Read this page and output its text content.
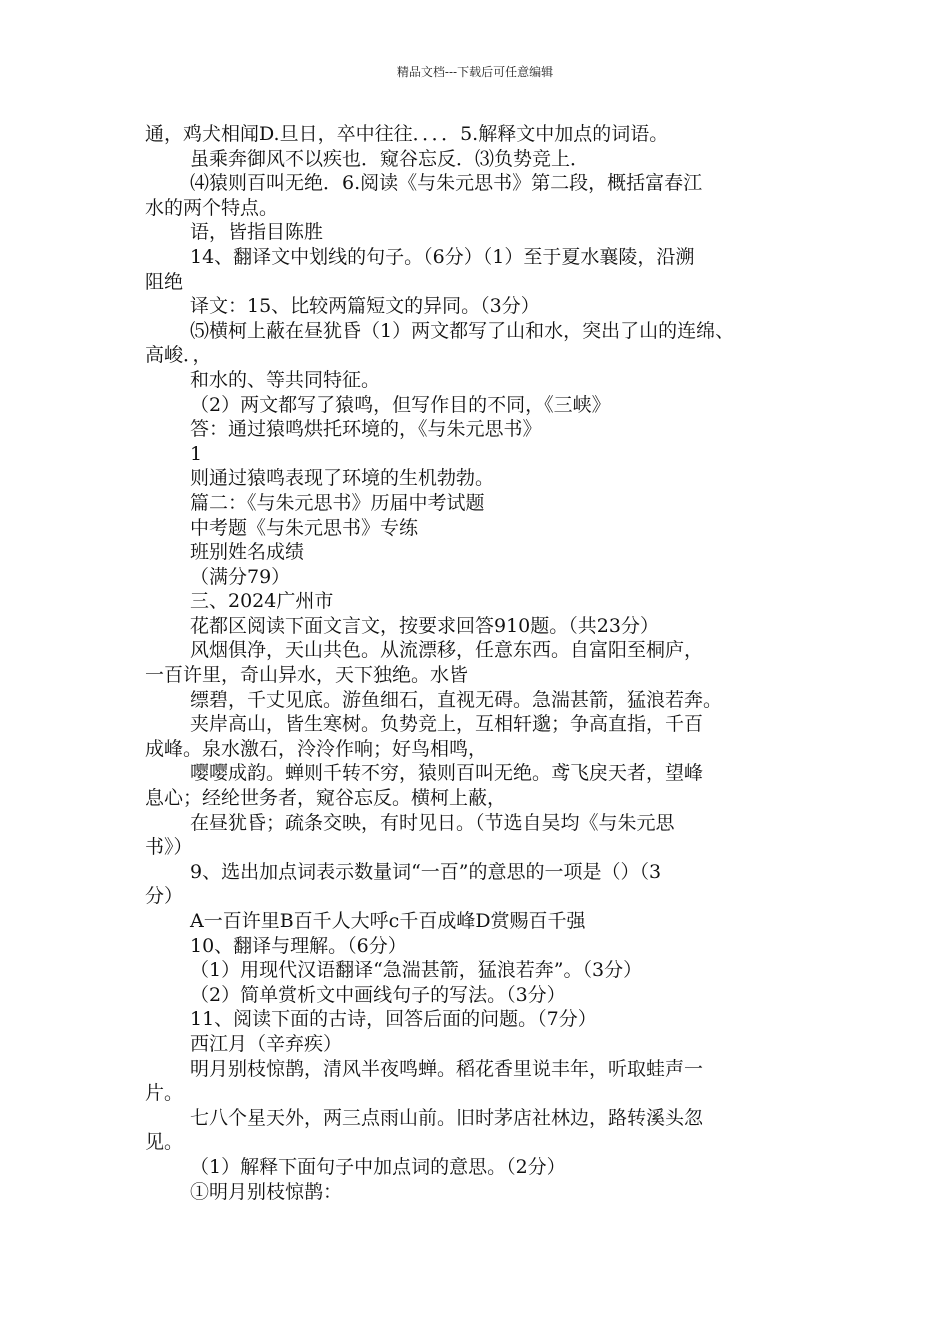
精品文档---下载后可任意编辑
通，鸡犬相闻D.旦日，卒中往往．．．．5.解释文中加点的词语。
虽乘奔御风不以疾也．窥谷忘反．⑶负势竞上．
⑷猿则百叫无绝．6.阅读《与朱元思书》第二段，概括富春江
水的两个特点。
语，皆指目陈胜
14、翻译文中划线的句子。（6分）（1）至于夏水襄陵，沿溯
阻绝
译文：15、比较两篇短文的异同。（3分）
⑸横柯上蔽在昼犹昏（1）两文都写了山和水，突出了山的连绵、
高峻．，
和水的、等共同特征。
（2）两文都写了猿鸣，但写作目的不同，《三峡》
答：通过猿鸣烘托环境的，《与朱元思书》
1
则通过猿鸣表现了环境的生机勃勃。
篇二：《与朱元思书》历届中考试题
中考题《与朱元思书》专练
班别姓名成绩
（满分79）
三、2024广州市
花都区阅读下面文言文，按要求回答910题。（共23分）
风烟俱净，天山共色。从流漂移，任意东西。自富阳至桐庐，
一百许里，奇山异水，天下独绝。水皆
缥碧，千丈见底。游鱼细石，直视无碍。急湍甚箭，猛浪若奔。
夹岸高山，皆生寒树。负势竞上，互相轩邈；争高直指，千百
成峰。泉水激石，泠泠作响；好鸟相鸣，
嘤嘤成韵。蝉则千转不穷，猿则百叫无绝。鸢飞戾天者，望峰
息心；经纶世务者，窥谷忘反。横柯上蔽，
在昼犹昏；疏条交映，有时见日。（节选自吴均《与朱元思
书》）
9、选出加点词表示数量词“一百”的意思的一项是（）（3
分）
A一百许里B百千人大呼c千百成峰D赏赐百千强
10、翻译与理解。（6分）
（1）用现代汉语翻译“急湍甚箭，猛浪若奔”。（3分）
（2）简单赏析文中画线句子的写法。（3分）
11、阅读下面的古诗，回答后面的问题。（7分）
西江月（辛弃疾）
明月别枝惊鹊，清风半夜鸣蝉。稻花香里说丰年，听取蛙声一
片。
七八个星天外，两三点雨山前。旧时茅店社林边，路转溪头忽
见。
（1）解释下面句子中加点词的意思。（2分）
①明月别枝惊鹊：
